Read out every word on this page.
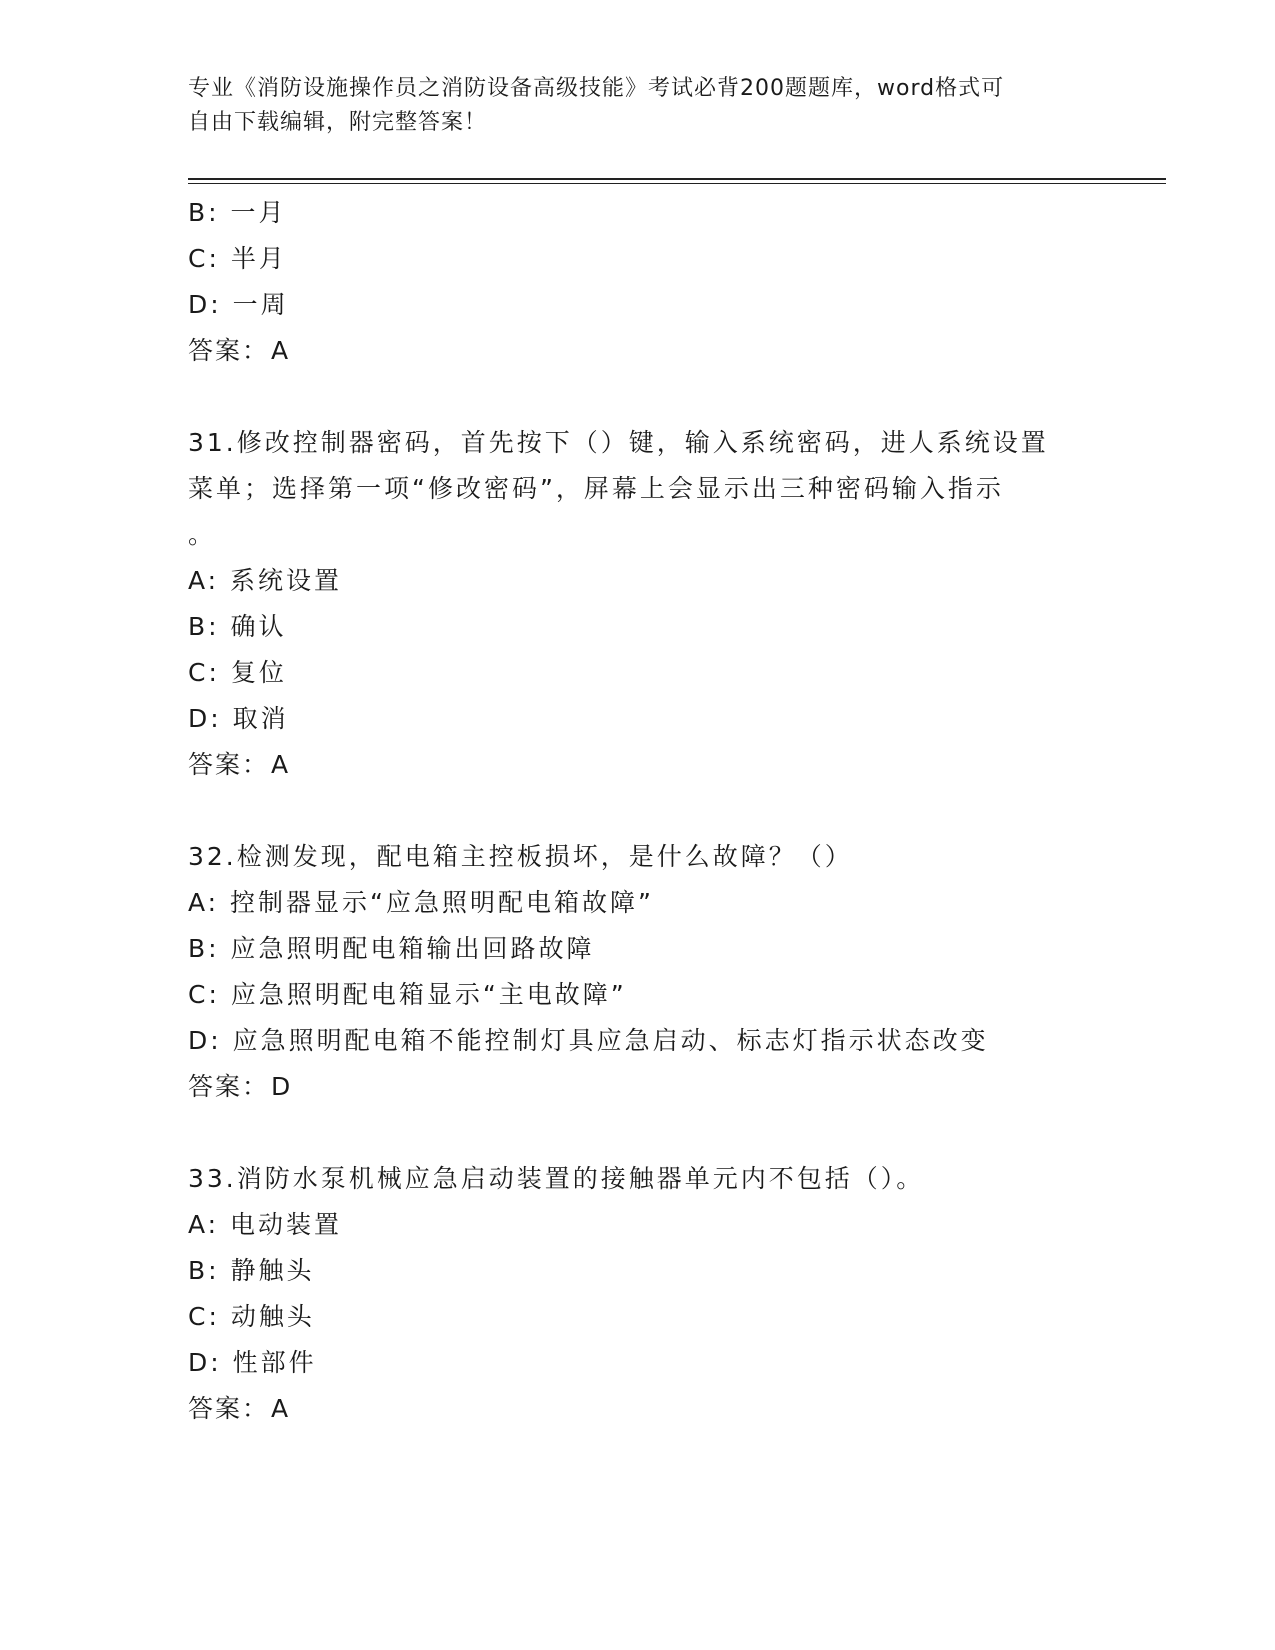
专业《消防设施操作员之消防设备高级技能》考试必背200题题库，word格式可
自由下载编辑，附完整答案！
B: 一月
C: 半月
D: 一周
答案：A
31.修改控制器密码，首先按下（）键，输入系统密码，进人系统设置
菜单；选择第一项“修改密码”，屏幕上会显示出三种密码输入指示
。
A: 系统设置
B: 确认
C: 复位
D: 取消
答案：A
32.检测发现，配电箱主控板损坏，是什么故障？（）
A: 控制器显示“应急照明配电箱故障”
B: 应急照明配电箱输出回路故障
C: 应急照明配电箱显示“主电故障”
D: 应急照明配电箱不能控制灯具应急启动、标志灯指示状态改变
答案：D
33.消防水泵机械应急启动装置的接触器单元内不包括（）。
A: 电动装置
B: 静触头
C: 动触头
D: 性部件
答案：A
